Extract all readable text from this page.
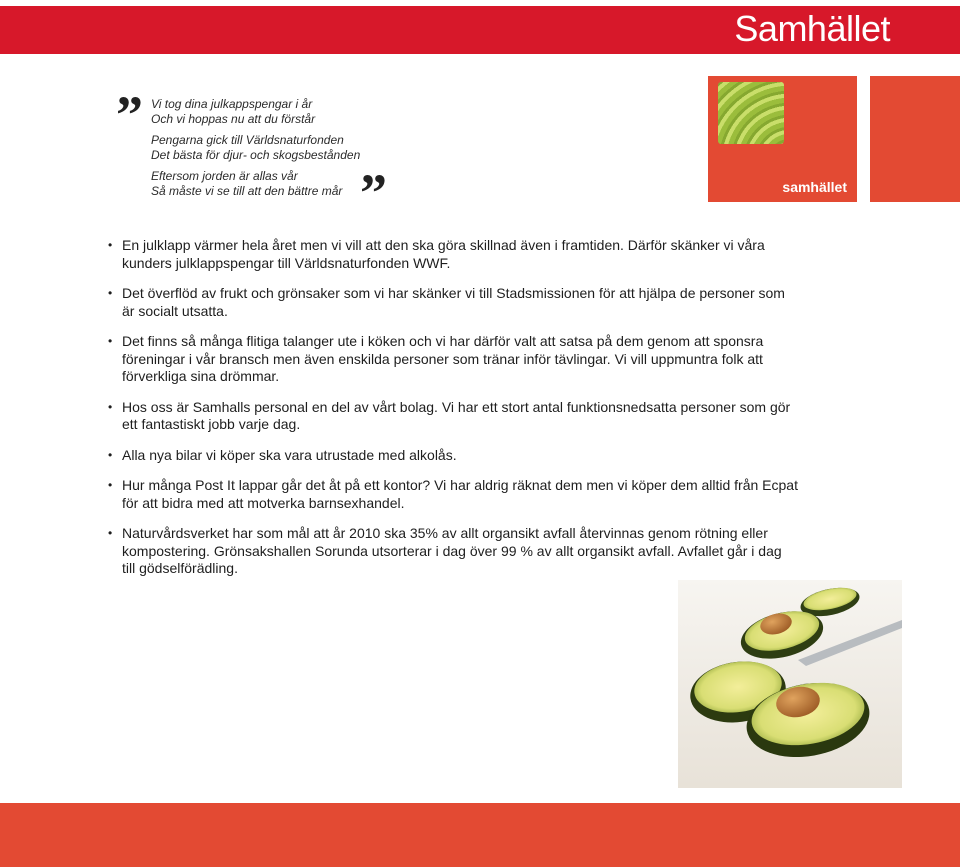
Samhället
” Vi tog dina julkappspengar i år
Och vi hoppas nu att du förstår
Pengarna gick till Världsnaturfonden
Det bästa för djur- och skogsbestånden
Eftersom jorden är allas vår
Så måste vi se till att den bättre mår ”	samhället
• En julklapp värmer hela året men vi vill att den ska göra skillnad även i framtiden. Därför skänker vi våra kunders julklappspengar till Världsnaturfonden WWF.
• Det överflöd av frukt och grönsaker som vi har skänker vi till Stadsmissionen för att hjälpa de personer som är socialt utsatta.
• Det finns så många flitiga talanger ute i köken och vi har därför valt att satsa på dem genom att sponsra föreningar i vår bransch men även enskilda personer som tränar inför tävlingar. Vi vill uppmuntra folk att förverkliga sina drömmar.
• Hos oss är Samhalls personal en del av vårt bolag. Vi har ett stort antal funktionsnedsatta personer som gör ett fantastiskt jobb varje dag.
• Alla nya bilar vi köper ska vara utrustade med alkolås.
• Hur många Post It lappar går det åt på ett kontor? Vi har aldrig räknat dem men vi köper dem alltid från Ecpat för att bidra med att motverka barnsexhandel.
• Naturvårdsverket har som mål att år 2010 ska 35% av allt organsikt avfall återvinnas genom rötning eller kompostering. Grönsakshallen Sorunda utsorterar i dag över 99 % av allt organsikt avfall. Avfallet går i dag till gödselförädling.
